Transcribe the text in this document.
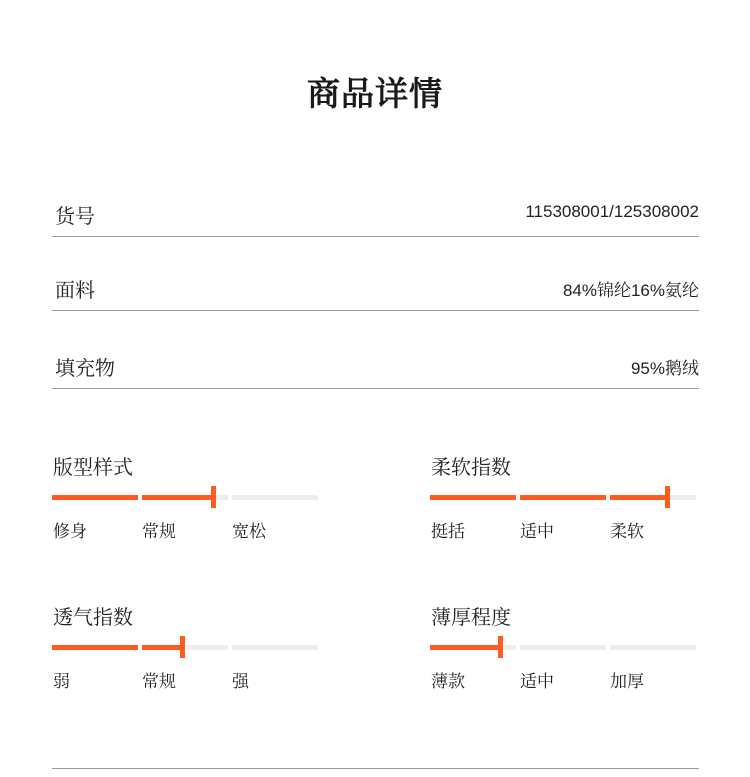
商品详情
货号	115308001/125308002
面料	84%锦纶16%氨纶
填充物	95%鹅绒
版型样式
修身	常规	宽松
柔软指数
挺括	适中	柔软
透气指数
弱	常规	强
薄厚程度
薄款	适中	加厚
